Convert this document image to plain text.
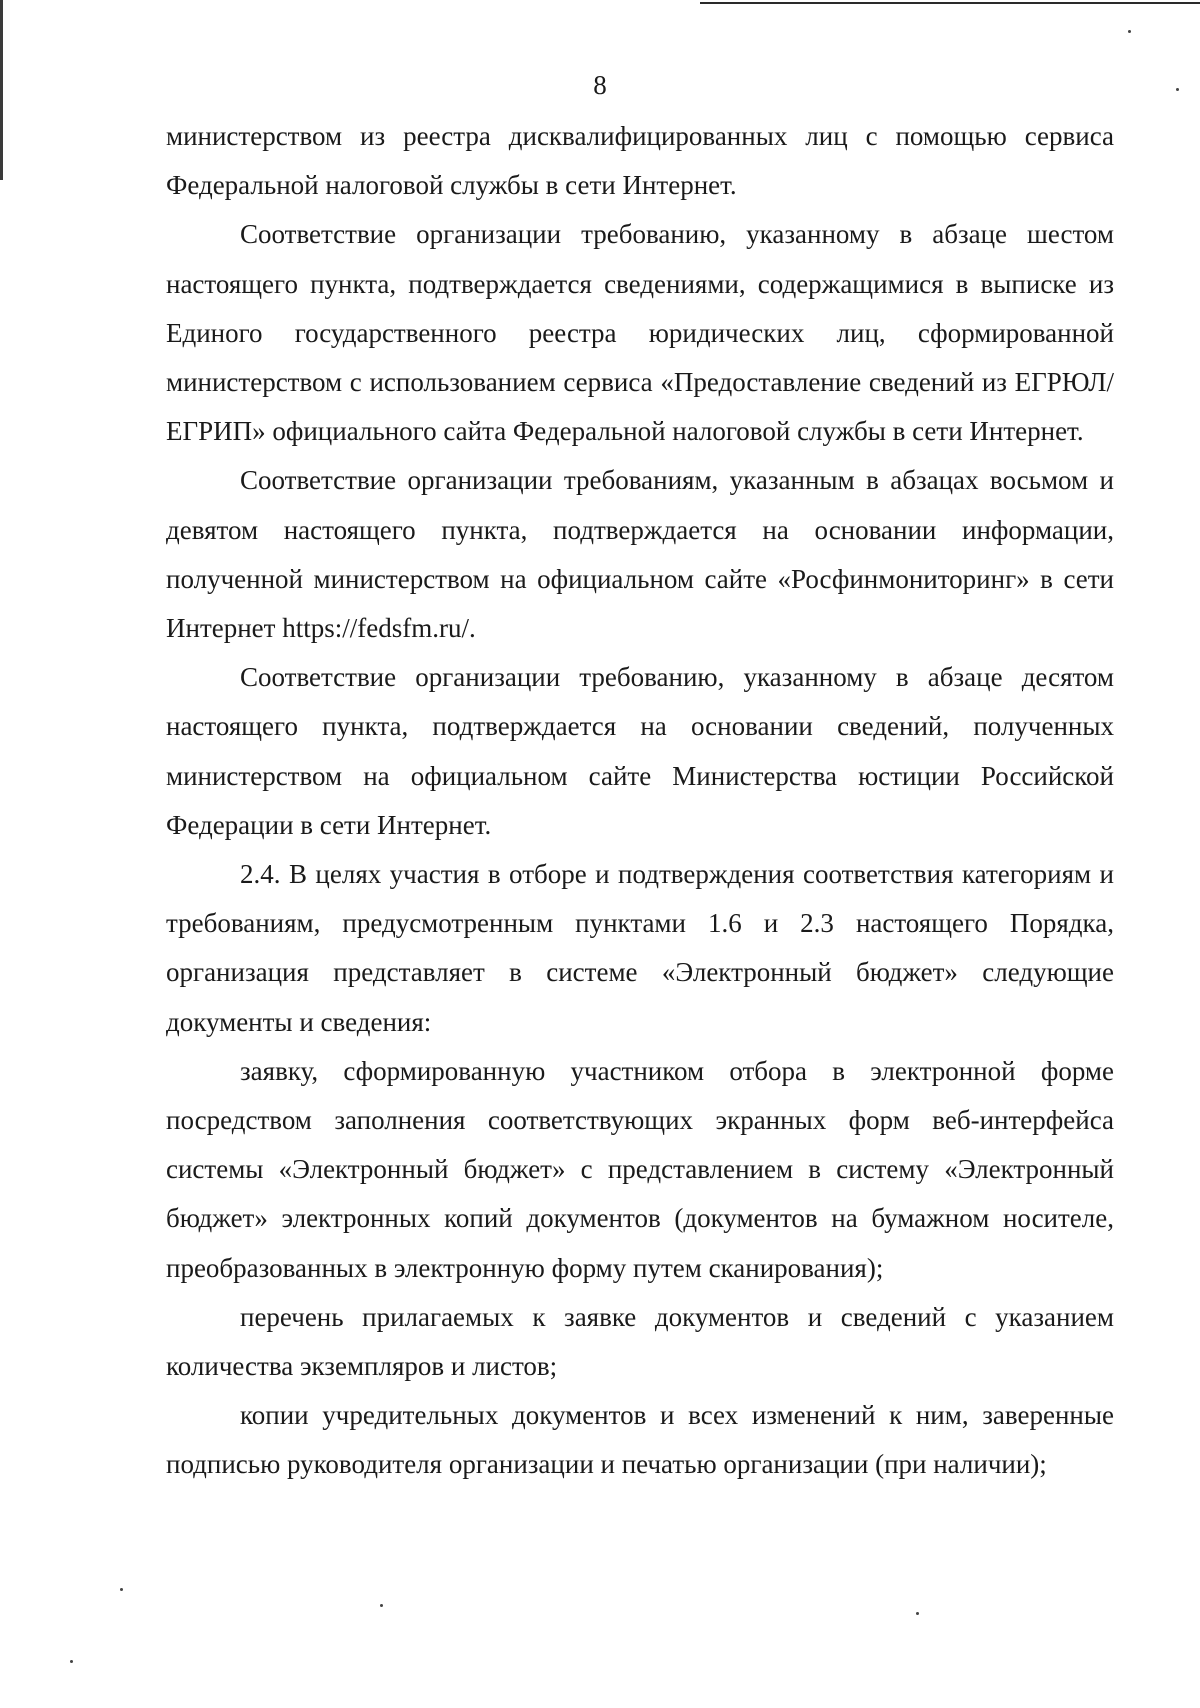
8

министерством из реестра дисквалифицированных лиц с помощью сервиса Федеральной налоговой службы в сети Интернет.

Соответствие организации требованию, указанному в абзаце шестом настоящего пункта, подтверждается сведениями, содержащимися в выписке из Единого государственного реестра юридических лиц, сформированной министерством с использованием сервиса «Предоставление сведений из ЕГРЮЛ/ЕГРИП» официального сайта Федеральной налоговой службы в сети Интернет.

Соответствие организации требованиям, указанным в абзацах восьмом и девятом настоящего пункта, подтверждается на основании информации, полученной министерством на официальном сайте «Росфинмониторинг» в сети Интернет https://fedsfm.ru/.

Соответствие организации требованию, указанному в абзаце десятом настоящего пункта, подтверждается на основании сведений, полученных министерством на официальном сайте Министерства юстиции Российской Федерации в сети Интернет.

2.4. В целях участия в отборе и подтверждения соответствия категориям и требованиям, предусмотренным пунктами 1.6 и 2.3 настоящего Порядка, организация представляет в системе «Электронный бюджет» следующие документы и сведения:

заявку, сформированную участником отбора в электронной форме посредством заполнения соответствующих экранных форм веб-интерфейса системы «Электронный бюджет» с представлением в систему «Электронный бюджет» электронных копий документов (документов на бумажном носителе, преобразованных в электронную форму путем сканирования);

перечень прилагаемых к заявке документов и сведений с указанием количества экземпляров и листов;

копии учредительных документов и всех изменений к ним, заверенные подписью руководителя организации и печатью организации (при наличии);
